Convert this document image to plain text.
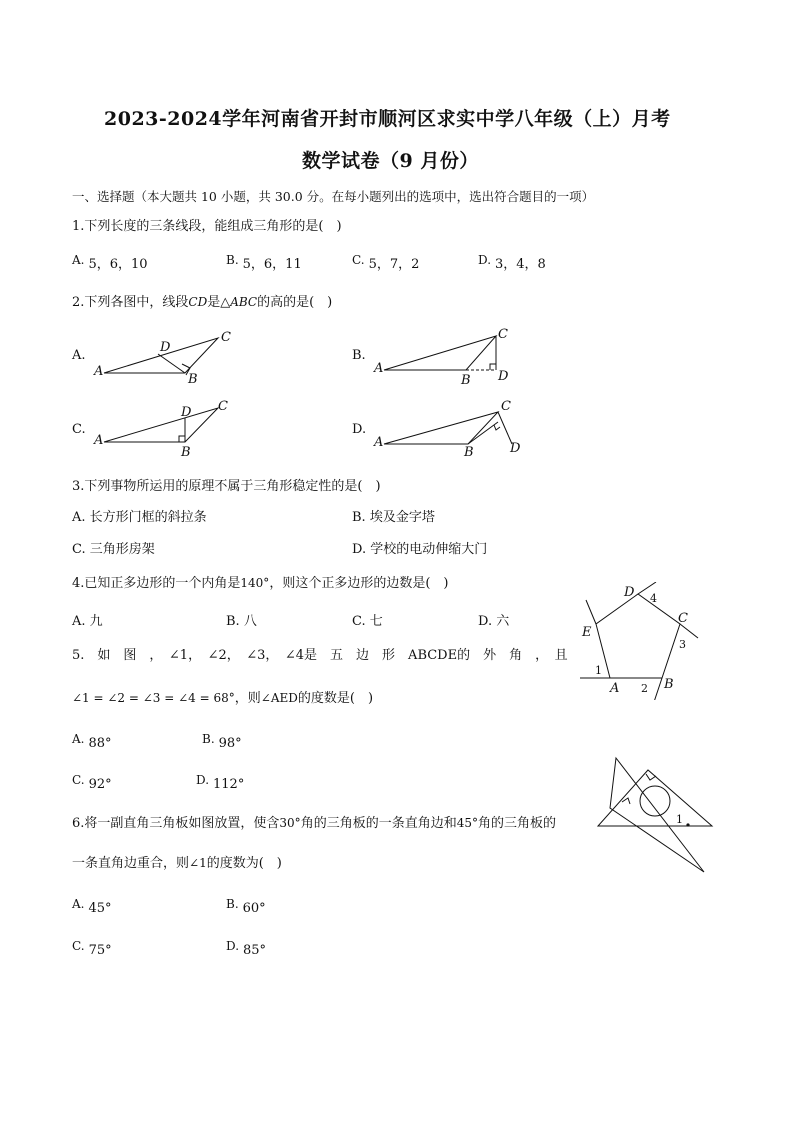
2023-2024学年河南省开封市顺河区求实中学八年级（上）月考
数学试卷（9 月份）
一、选择题（本大题共 10 小题，共 30.0 分。在每小题列出的选项中，选出符合题目的一项）
1.下列长度的三条线段，能组成三角形的是(　)
A. 5，6，10	B. 5，6，11	C. 5，7，2	D. 3，4，8
2.下列各图中，线段CD是△ABC的高的是(　)
A.
A
B
C
D
B.
A
B
C
D
C.
A
B
C
D
D.
A
B
C
D
3.下列事物所运用的原理不属于三角形稳定性的是(　)
A. 长方形门框的斜拉条	B. 埃及金字塔
C. 三角形房架	D. 学校的电动伸缩大门
4.已知正多边形的一个内角是140°，则这个正多边形的边数是(　)
A. 九	B. 八	C. 七	D. 六
A	B
C
D
E
1
2
3
4
5.　如　图　，　∠1，　∠2，　∠3，　∠4是　五　边　形　ABCDE的　外　角　，　且
∠1 = ∠2 = ∠3 = ∠4 = 68°，则∠AED的度数是(　)
A. 88°	B. 98°
C. 92°	D. 112°
1
6.将一副直角三角板如图放置，使含30°角的三角板的一条直角边和45°角的三角板的
一条直角边重合，则∠1的度数为(　)
A. 45°	B. 60°
C. 75°	D. 85°
